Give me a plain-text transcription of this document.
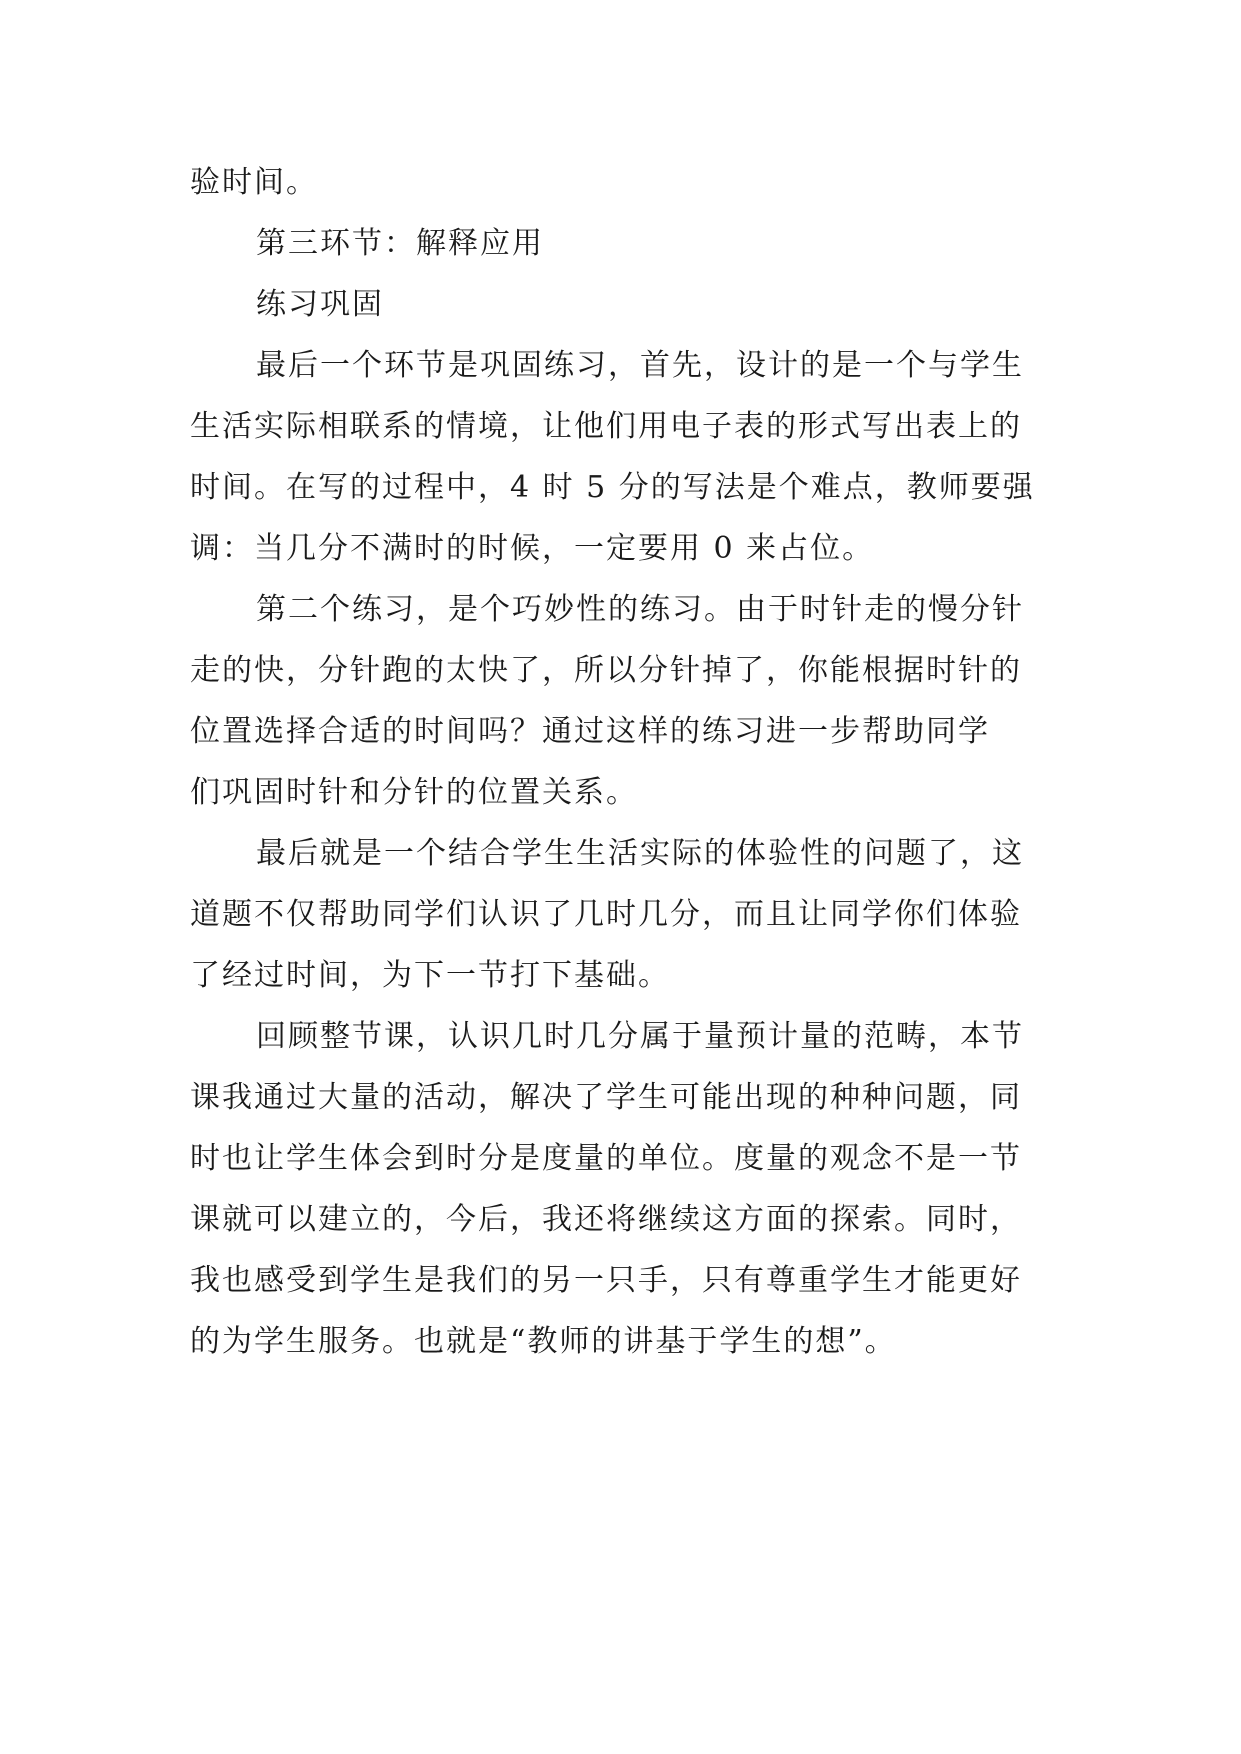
验时间。
第三环节：解释应用
练习巩固
最后一个环节是巩固练习，首先，设计的是一个与学生
生活实际相联系的情境，让他们用电子表的形式写出表上的
时间。在写的过程中，4 时 5 分的写法是个难点，教师要强
调：当几分不满时的时候，一定要用 0 来占位。
第二个练习，是个巧妙性的练习。由于时针走的慢分针
走的快，分针跑的太快了，所以分针掉了，你能根据时针的
位置选择合适的时间吗？通过这样的练习进一步帮助同学
们巩固时针和分针的位置关系。
最后就是一个结合学生生活实际的体验性的问题了，这
道题不仅帮助同学们认识了几时几分，而且让同学你们体验
了经过时间，为下一节打下基础。
回顾整节课，认识几时几分属于量预计量的范畴，本节
课我通过大量的活动，解决了学生可能出现的种种问题，同
时也让学生体会到时分是度量的单位。度量的观念不是一节
课就可以建立的，今后，我还将继续这方面的探索。同时，
我也感受到学生是我们的另一只手，只有尊重学生才能更好
的为学生服务。也就是“教师的讲基于学生的想”。
